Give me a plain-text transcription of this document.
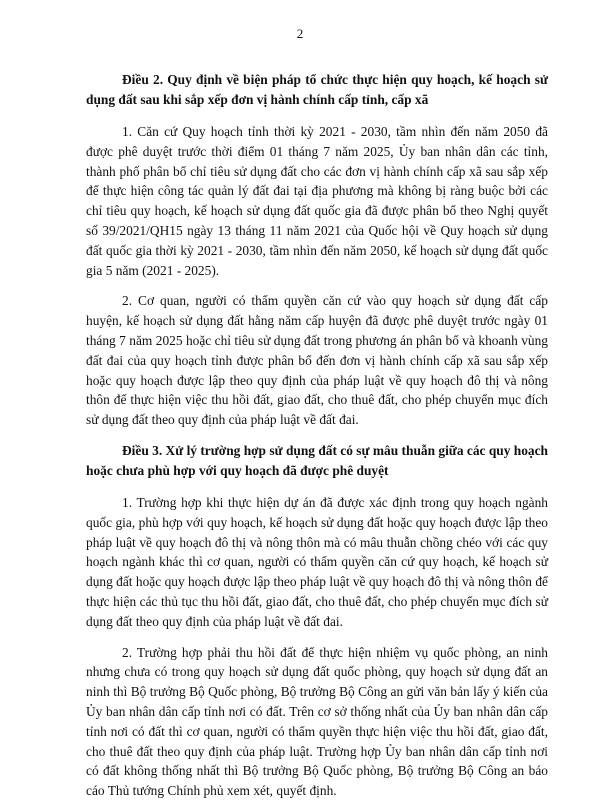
2

Điều 2. Quy định về biện pháp tổ chức thực hiện quy hoạch, kế hoạch sử dụng đất sau khi sắp xếp đơn vị hành chính cấp tỉnh, cấp xã

1. Căn cứ Quy hoạch tỉnh thời kỳ 2021 - 2030, tầm nhìn đến năm 2050 đã được phê duyệt trước thời điểm 01 tháng 7 năm 2025, Ủy ban nhân dân các tỉnh, thành phố phân bổ chỉ tiêu sử dụng đất cho các đơn vị hành chính cấp xã sau sắp xếp để thực hiện công tác quản lý đất đai tại địa phương mà không bị ràng buộc bởi các chỉ tiêu quy hoạch, kế hoạch sử dụng đất quốc gia đã được phân bổ theo Nghị quyết số 39/2021/QH15 ngày 13 tháng 11 năm 2021 của Quốc hội về Quy hoạch sử dụng đất quốc gia thời kỳ 2021 - 2030, tầm nhìn đến năm 2050, kế hoạch sử dụng đất quốc gia 5 năm (2021 - 2025).

2. Cơ quan, người có thẩm quyền căn cứ vào quy hoạch sử dụng đất cấp huyện, kế hoạch sử dụng đất hằng năm cấp huyện đã được phê duyệt trước ngày 01 tháng 7 năm 2025 hoặc chỉ tiêu sử dụng đất trong phương án phân bổ và khoanh vùng đất đai của quy hoạch tỉnh được phân bổ đến đơn vị hành chính cấp xã sau sắp xếp hoặc quy hoạch được lập theo quy định của pháp luật về quy hoạch đô thị và nông thôn để thực hiện việc thu hồi đất, giao đất, cho thuê đất, cho phép chuyển mục đích sử dụng đất theo quy định của pháp luật về đất đai.

Điều 3. Xử lý trường hợp sử dụng đất có sự mâu thuẫn giữa các quy hoạch hoặc chưa phù hợp với quy hoạch đã được phê duyệt

1. Trường hợp khi thực hiện dự án đã được xác định trong quy hoạch ngành quốc gia, phù hợp với quy hoạch, kế hoạch sử dụng đất hoặc quy hoạch được lập theo pháp luật về quy hoạch đô thị và nông thôn mà có mâu thuẫn chồng chéo với các quy hoạch ngành khác thì cơ quan, người có thẩm quyền căn cứ quy hoạch, kế hoạch sử dụng đất hoặc quy hoạch được lập theo pháp luật về quy hoạch đô thị và nông thôn để thực hiện các thủ tục thu hồi đất, giao đất, cho thuê đất, cho phép chuyển mục đích sử dụng đất theo quy định của pháp luật về đất đai.

2. Trường hợp phải thu hồi đất để thực hiện nhiệm vụ quốc phòng, an ninh nhưng chưa có trong quy hoạch sử dụng đất quốc phòng, quy hoạch sử dụng đất an ninh thì Bộ trưởng Bộ Quốc phòng, Bộ trưởng Bộ Công an gửi văn bản lấy ý kiến của Ủy ban nhân dân cấp tỉnh nơi có đất. Trên cơ sở thống nhất của Ủy ban nhân dân cấp tỉnh nơi có đất thì cơ quan, người có thẩm quyền thực hiện việc thu hồi đất, giao đất, cho thuê đất theo quy định của pháp luật. Trường hợp Ủy ban nhân dân cấp tỉnh nơi có đất không thống nhất thì Bộ trưởng Bộ Quốc phòng, Bộ trưởng Bộ Công an báo cáo Thủ tướng Chính phủ xem xét, quyết định.
